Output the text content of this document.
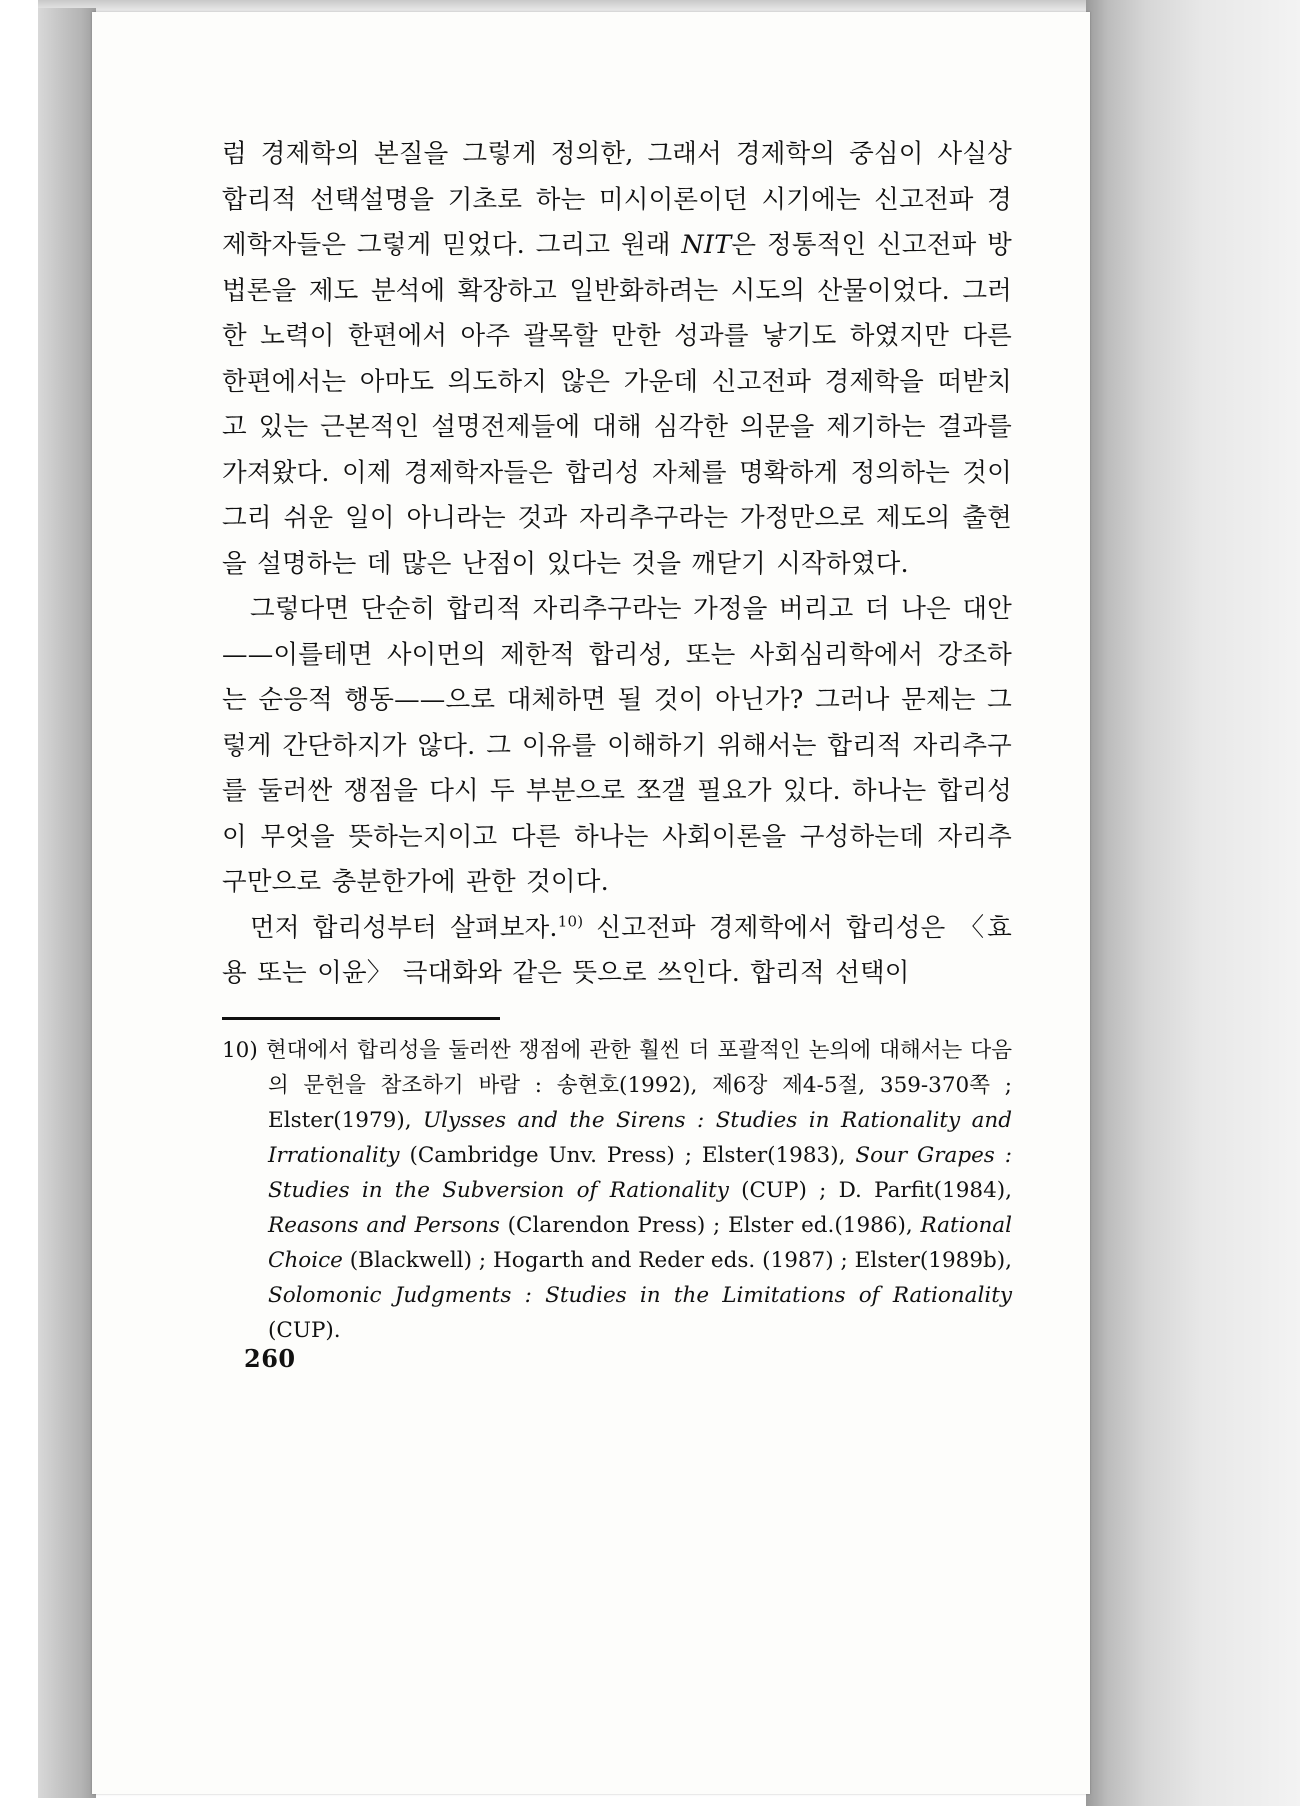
럼 경제학의 본질을 그렇게 정의한, 그래서 경제학의 중심이 사실상 합리적 선택설명을 기초로 하는 미시이론이던 시기에는 신고전파 경제학자들은 그렇게 믿었다. 그리고 원래 NIT은 정통적인 신고전파 방법론을 제도 분석에 확장하고 일반화하려는 시도의 산물이었다. 그러한 노력이 한편에서 아주 괄목할 만한 성과를 낳기도 하였지만 다른 한편에서는 아마도 의도하지 않은 가운데 신고전파 경제학을 떠받치고 있는 근본적인 설명전제들에 대해 심각한 의문을 제기하는 결과를 가져왔다. 이제 경제학자들은 합리성 자체를 명확하게 정의하는 것이 그리 쉬운 일이 아니라는 것과 자리추구라는 가정만으로 제도의 출현을 설명하는 데 많은 난점이 있다는 것을 깨닫기 시작하였다.

그렇다면 단순히 합리적 자리추구라는 가정을 버리고 더 나은 대안——이를테면 사이먼의 제한적 합리성, 또는 사회심리학에서 강조하는 순응적 행동——으로 대체하면 될 것이 아닌가? 그러나 문제는 그렇게 간단하지가 않다. 그 이유를 이해하기 위해서는 합리적 자리추구를 둘러싼 쟁점을 다시 두 부분으로 쪼갤 필요가 있다. 하나는 합리성이 무엇을 뜻하는지이고 다른 하나는 사회이론을 구성하는데 자리추구만으로 충분한가에 관한 것이다.

먼저 합리성부터 살펴보자.$^{10)}$ 신고전파 경제학에서 합리성은 〈효용 또는 이윤〉 극대화와 같은 뜻으로 쓰인다. 합리적 선택이

10) 현대에서 합리성을 둘러싼 쟁점에 관한 훨씬 더 포괄적인 논의에 대해서는 다음의 문헌을 참조하기 바람 : 송현호(1992), 제6장 제4-5절, 359-370쪽 ; Elster(1979), Ulysses and the Sirens : Studies in Rationality and Irrationality (Cambridge Unv. Press) ; Elster(1983), Sour Grapes : Studies in the Subversion of Rationality (CUP) ; D. Parfit(1984), Reasons and Persons (Clarendon Press) ; Elster ed.(1986), Rational Choice (Blackwell) ; Hogarth and Reder eds. (1987) ; Elster(1989b), Solomonic Judgments : Studies in the Limitations of Rationality (CUP).
260
